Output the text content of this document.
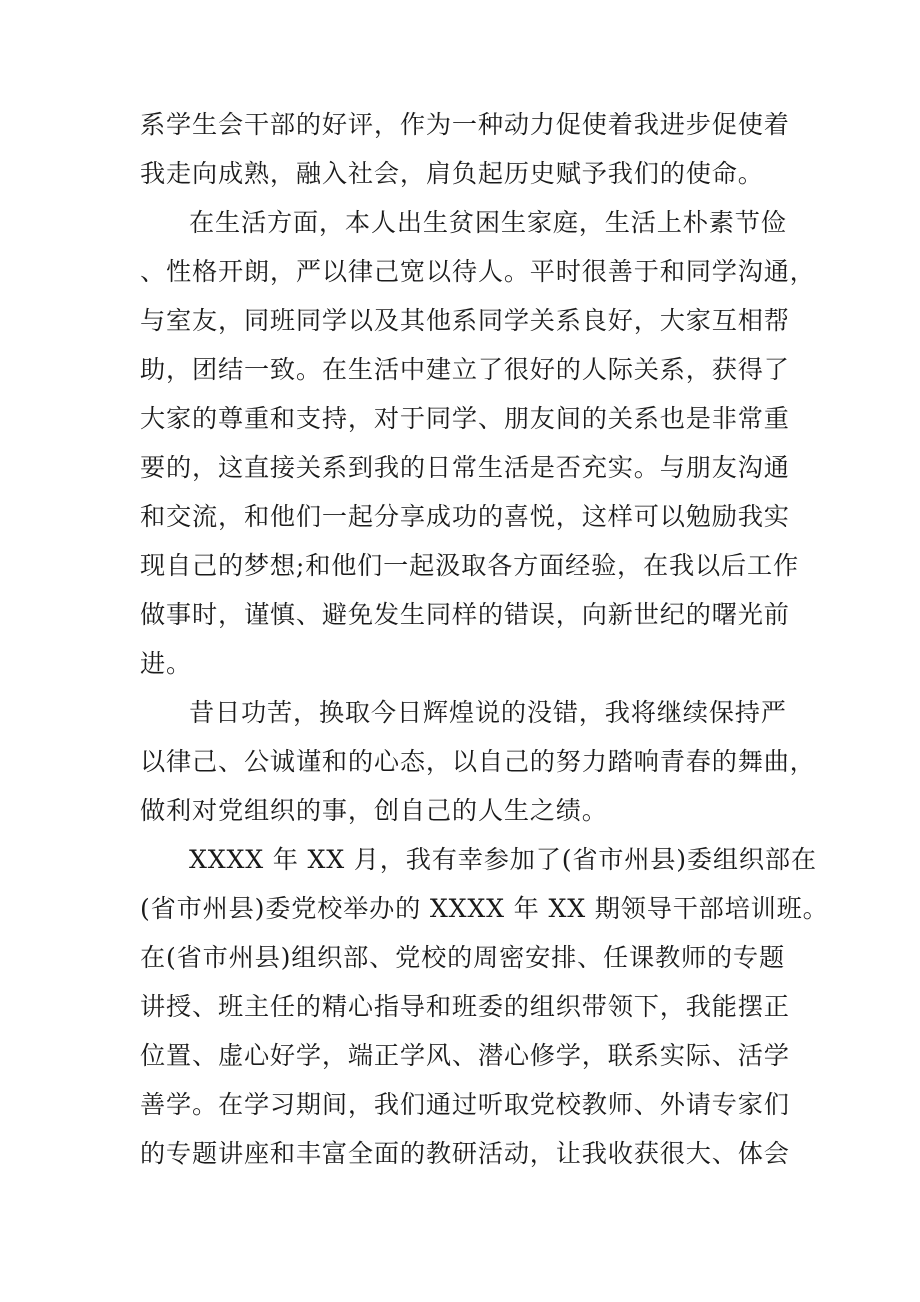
系学生会干部的好评，作为一种动力促使着我进步促使着
我走向成熟，融入社会，肩负起历史赋予我们的使命。
在生活方面，本人出生贫困生家庭，生活上朴素节俭
、性格开朗，严以律己宽以待人。平时很善于和同学沟通，
与室友，同班同学以及其他系同学关系良好，大家互相帮
助，团结一致。在生活中建立了很好的人际关系，获得了
大家的尊重和支持，对于同学、朋友间的关系也是非常重
要的，这直接关系到我的日常生活是否充实。与朋友沟通
和交流，和他们一起分享成功的喜悦，这样可以勉励我实
现自己的梦想;和他们一起汲取各方面经验，在我以后工作
做事时，谨慎、避免发生同样的错误，向新世纪的曙光前
进。
昔日功苦，换取今日辉煌说的没错，我将继续保持严
以律己、公诚谨和的心态，以自己的努力踏响青春的舞曲，
做利对党组织的事，创自己的人生之绩。
XXXX 年 XX 月，我有幸参加了(省市州县)委组织部在
(省市州县)委党校举办的 XXXX 年 XX 期领导干部培训班。
在(省市州县)组织部、党校的周密安排、任课教师的专题
讲授、班主任的精心指导和班委的组织带领下，我能摆正
位置、虚心好学，端正学风、潜心修学，联系实际、活学
善学。在学习期间，我们通过听取党校教师、外请专家们
的专题讲座和丰富全面的教研活动，让我收获很大、体会
